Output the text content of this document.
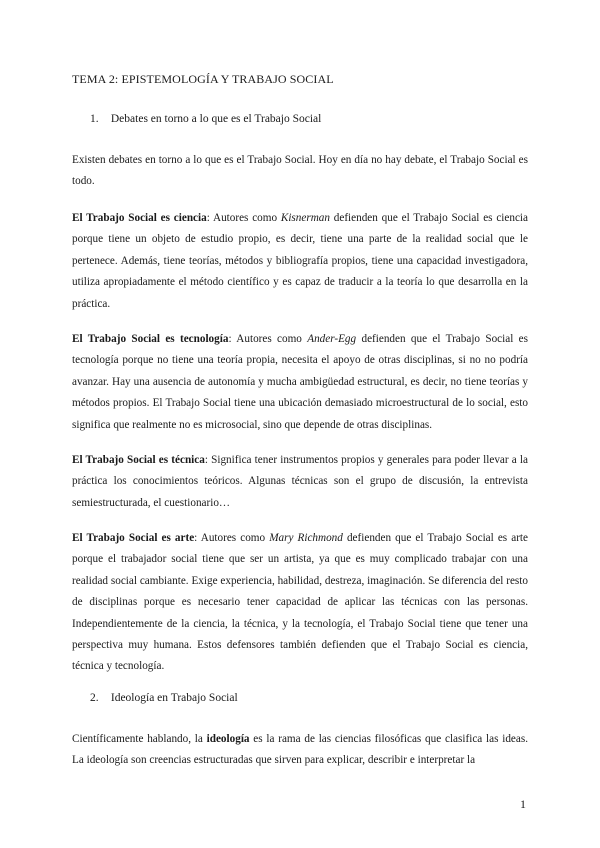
TEMA 2: EPISTEMOLOGÍA Y TRABAJO SOCIAL
1. Debates en torno a lo que es el Trabajo Social

Existen debates en torno a lo que es el Trabajo Social. Hoy en día no hay debate, el Trabajo Social es todo.

El Trabajo Social es ciencia: Autores como Kisnerman defienden que el Trabajo Social es ciencia porque tiene un objeto de estudio propio, es decir, tiene una parte de la realidad social que le pertenece. Además, tiene teorías, métodos y bibliografía propios, tiene una capacidad investigadora, utiliza apropiadamente el método científico y es capaz de traducir a la teoría lo que desarrolla en la práctica.

El Trabajo Social es tecnología: Autores como Ander-Egg defienden que el Trabajo Social es tecnología porque no tiene una teoría propia, necesita el apoyo de otras disciplinas, si no no podría avanzar. Hay una ausencia de autonomía y mucha ambigüedad estructural, es decir, no tiene teorías y métodos propios. El Trabajo Social tiene una ubicación demasiado microestructural de lo social, esto significa que realmente no es microsocial, sino que depende de otras disciplinas.

El Trabajo Social es técnica: Significa tener instrumentos propios y generales para poder llevar a la práctica los conocimientos teóricos. Algunas técnicas son el grupo de discusión, la entrevista semiestructurada, el cuestionario…

El Trabajo Social es arte: Autores como Mary Richmond defienden que el Trabajo Social es arte porque el trabajador social tiene que ser un artista, ya que es muy complicado trabajar con una realidad social cambiante. Exige experiencia, habilidad, destreza, imaginación. Se diferencia del resto de disciplinas porque es necesario tener capacidad de aplicar las técnicas con las personas. Independientemente de la ciencia, la técnica, y la tecnología, el Trabajo Social tiene que tener una perspectiva muy humana. Estos defensores también defienden que el Trabajo Social es ciencia, técnica y tecnología.

2. Ideología en Trabajo Social

Científicamente hablando, la ideología es la rama de las ciencias filosóficas que clasifica las ideas. La ideología son creencias estructuradas que sirven para explicar, describir e interpretar la

1
